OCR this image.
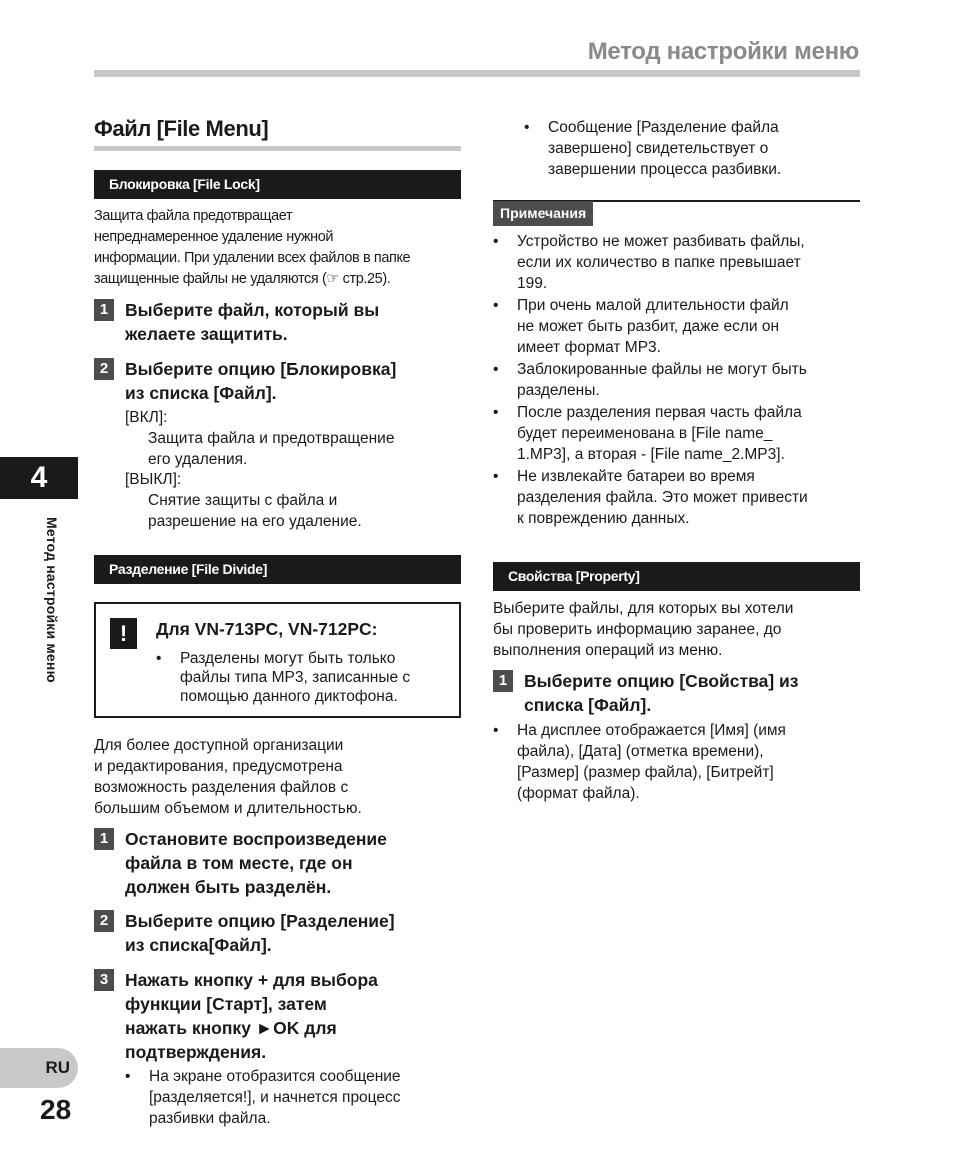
Метод настройки меню
Файл [File Menu]
Блокировка [File Lock]
Защита файла предотвращает
непреднамеренное удаление нужной
информации. При удалении всех файлов в папке
защищенные файлы не удаляются (☞ стр.25).
1 Выберите файл, который вы
желаете защитить.
2 Выберите опцию [Блокировка]
из списка [Файл].
[ВКЛ]:
Защита файла и предотвращение
его удаления.
[ВЫКЛ]:
Снятие защиты с файла и
разрешение на его удаление.
Разделение [File Divide]
!	Для VN-713PC, VN-712PC:
•	Разделены могут быть только
файлы типа MP3, записанные с
помощью данного диктофона.
Для более доступной организации
и редактирования, предусмотрена
возможность разделения файлов с
большим объемом и длительностью.
1 Остановите воспроизведение
файла в том месте, где он
должен быть разделён.
2 Выберите опцию [Разделение]
из списка[Файл].
3 Нажать кнопку + для выбора
функции [Старт], затем
нажать кнопку ►OK для
подтверждения.
•	На экране отобразится сообщение
[разделяется!], и начнется процесс
разбивки файла.
•	Сообщение [Разделение файла
завершено] свидетельствует о
завершении процесса разбивки.
Примечания
•	Устройство не может разбивать файлы,
если их количество в папке превышает
199.
•	При очень малой длительности файл
не может быть разбит, даже если он
имеет формат MP3.
•	Заблокированные файлы не могут быть
разделены.
•	После разделения первая часть файла
будет переименована в [File name_
1.MP3], а вторая - [File name_2.MP3].
•	Не извлекайте батареи во время
разделения файла. Это может привести
к повреждению данных.
Свойства [Property]
Выберите файлы, для которых вы хотели
бы проверить информацию заранее, до
выполнения операций из меню.
1 Выберите опцию [Свойства] из
списка [Файл].
•	На дисплее отображается [Имя] (имя
файла), [Дата] (отметка времени),
[Размер] (размер файла), [Битрейт]
(формат файла).
4
Метод настройки меню
RU
28
